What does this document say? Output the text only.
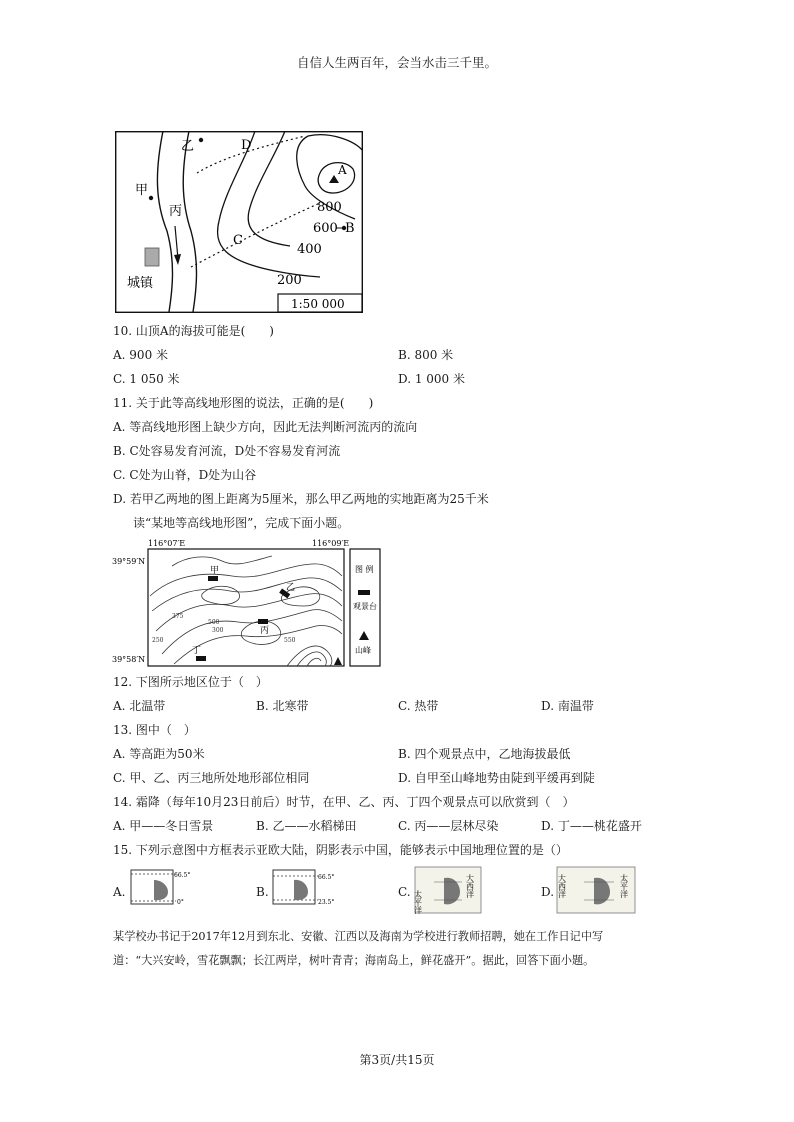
自信人生两百年，会当水击三千里。
乙	D
甲
丙
A
C
B
城镇
800
600
400
200
1:50 000
10. 山顶A的海拔可能是(　　)
A. 900 米	B. 800 米
C. 1 050 米	D. 1 000 米
11. 关于此等高线地形图的说法，正确的是(　　)
A. 等高线地形图上缺少方向，因此无法判断河流丙的流向
B. C处容易发育河流，D处不容易发育河流
C. C处为山脊，D处为山谷
D. 若甲乙两地的图上距离为5厘米，那么甲乙两地的实地距离为25千米
读“某地等高线地形图”，完成下面小题。
116°07′E	116°09′E
39°59′N
39°58′N
甲
乙
丙
丁
375
300
250
500
550
图 例
观景台
山峰
12. 下图所示地区位于（　）
A. 北温带	B. 北寒带	C. 热带	D. 南温带
13. 图中（　）
A. 等高距为50米	B. 四个观景点中，乙地海拔最低
C. 甲、乙、丙三地所处地形部位相同	D. 自甲至山峰地势由陡到平缓再到陡
14. 霜降（每年10月23日前后）时节，在甲、乙、丙、丁四个观景点可以欣赏到（　）
A. 甲——冬日雪景	B. 乙——水稻梯田	C. 丙——层林尽染	D. 丁——桃花盛开
15. 下列示意图中方框表示亚欧大陆，阴影表示中国，能够表示中国地理位置的是（）
A.
66.5°
0°
B.
66.5°
23.5°
C. 太平洋
大西洋	D. 大西洋	太平洋
某学校办书记于2017年12月到东北、安徽、江西以及海南为学校进行教师招聘，她在工作日记中写
道：“大兴安岭，雪花飘飘；长江两岸，树叶青青；海南岛上，鲜花盛开”。据此，回答下面小题。
第3页/共15页
